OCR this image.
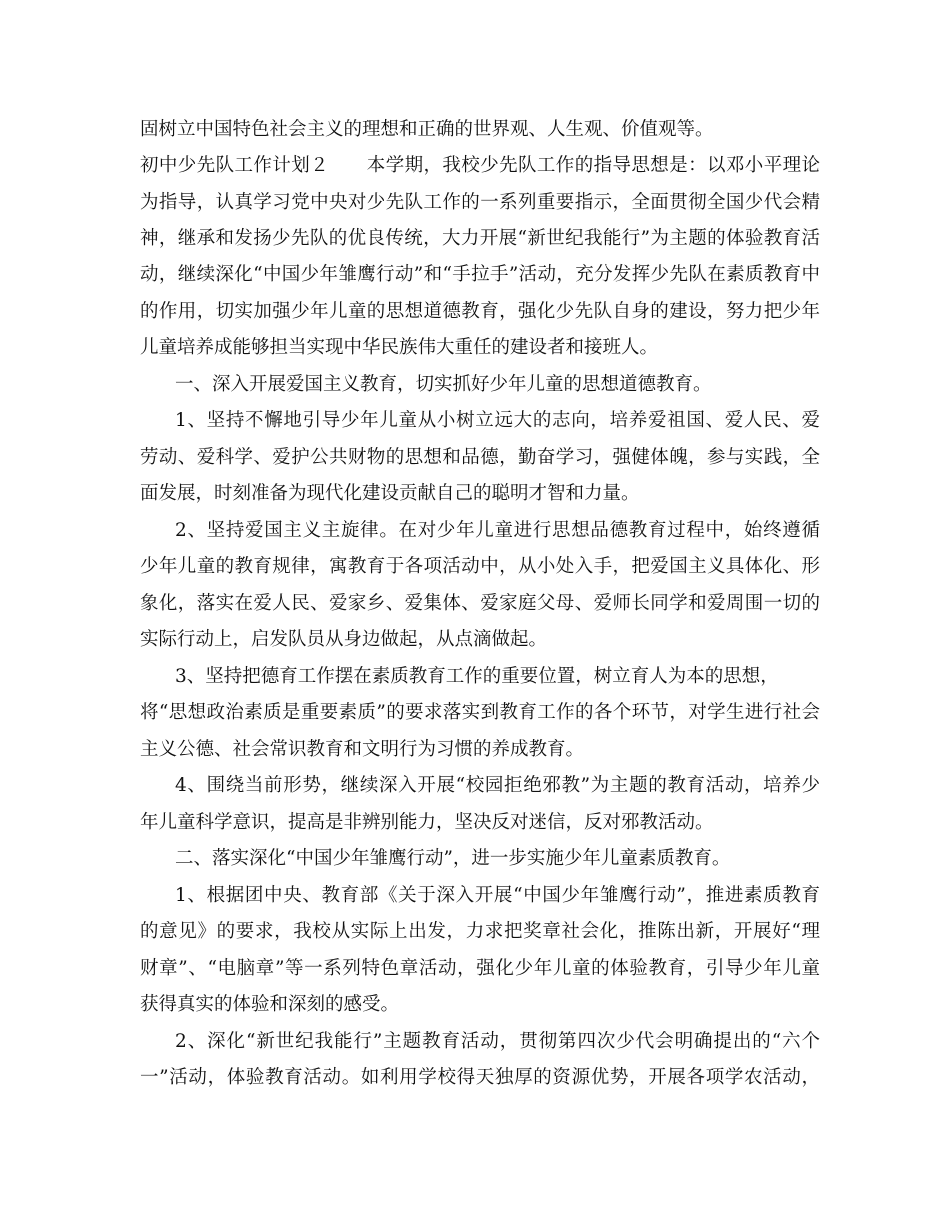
固树立中国特色社会主义的理想和正确的世界观、人生观、价值观等。

初中少先队工作计划２　　本学期，我校少先队工作的指导思想是：以邓小平理论

为指导，认真学习党中央对少先队工作的一系列重要指示，全面贯彻全国少代会精

神，继承和发扬少先队的优良传统，大力开展“新世纪我能行”为主题的体验教育活

动，继续深化“中国少年雏鹰行动”和“手拉手”活动，充分发挥少先队在素质教育中

的作用，切实加强少年儿童的思想道德教育，强化少先队自身的建设，努力把少年

儿童培养成能够担当实现中华民族伟大重任的建设者和接班人。

一、深入开展爱国主义教育，切实抓好少年儿童的思想道德教育。

1、坚持不懈地引导少年儿童从小树立远大的志向，培养爱祖国、爱人民、爱

劳动、爱科学、爱护公共财物的思想和品德，勤奋学习，强健体魄，参与实践，全

面发展，时刻准备为现代化建设贡献自己的聪明才智和力量。

2、坚持爱国主义主旋律。在对少年儿童进行思想品德教育过程中，始终遵循

少年儿童的教育规律，寓教育于各项活动中，从小处入手，把爱国主义具体化、形

象化，落实在爱人民、爱家乡、爱集体、爱家庭父母、爱师长同学和爱周围一切的

实际行动上，启发队员从身边做起，从点滴做起。

3、坚持把德育工作摆在素质教育工作的重要位置，树立育人为本的思想，

将“思想政治素质是重要素质”的要求落实到教育工作的各个环节，对学生进行社会

主义公德、社会常识教育和文明行为习惯的养成教育。

4、围绕当前形势，继续深入开展“校园拒绝邪教”为主题的教育活动，培养少

年儿童科学意识，提高是非辨别能力，坚决反对迷信，反对邪教活动。

二、落实深化“中国少年雏鹰行动”，进一步实施少年儿童素质教育。

1、根据团中央、教育部《关于深入开展“中国少年雏鹰行动”，推进素质教育

的意见》的要求，我校从实际上出发，力求把奖章社会化，推陈出新，开展好“理

财章”、“电脑章”等一系列特色章活动，强化少年儿童的体验教育，引导少年儿童

获得真实的体验和深刻的感受。

2、深化“新世纪我能行”主题教育活动，贯彻第四次少代会明确提出的“六个

一”活动，体验教育活动。如利用学校得天独厚的资源优势，开展各项学农活动，
